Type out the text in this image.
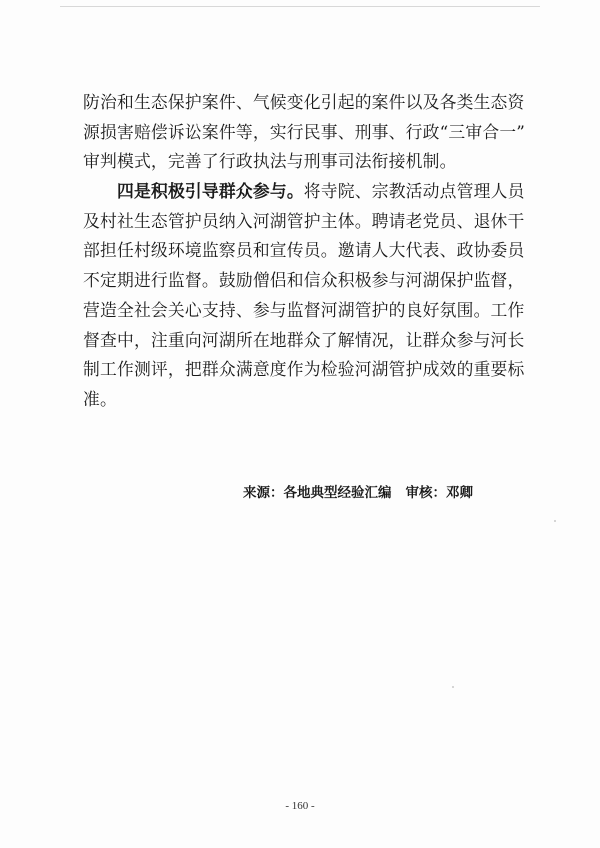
防治和生态保护案件、气候变化引起的案件以及各类生态资
源损害赔偿诉讼案件等，实行民事、刑事、行政“三审合一”
审判模式，完善了行政执法与刑事司法衔接机制。
四是积极引导群众参与。将寺院、宗教活动点管理人员
及村社生态管护员纳入河湖管护主体。聘请老党员、退休干
部担任村级环境监察员和宣传员。邀请人大代表、政协委员
不定期进行监督。鼓励僧侣和信众积极参与河湖保护监督，
营造全社会关心支持、参与监督河湖管护的良好氛围。工作
督查中，注重向河湖所在地群众了解情况，让群众参与河长
制工作测评，把群众满意度作为检验河湖管护成效的重要标
准。
来源：各地典型经验汇编 审核：邓卿
- 160 -
